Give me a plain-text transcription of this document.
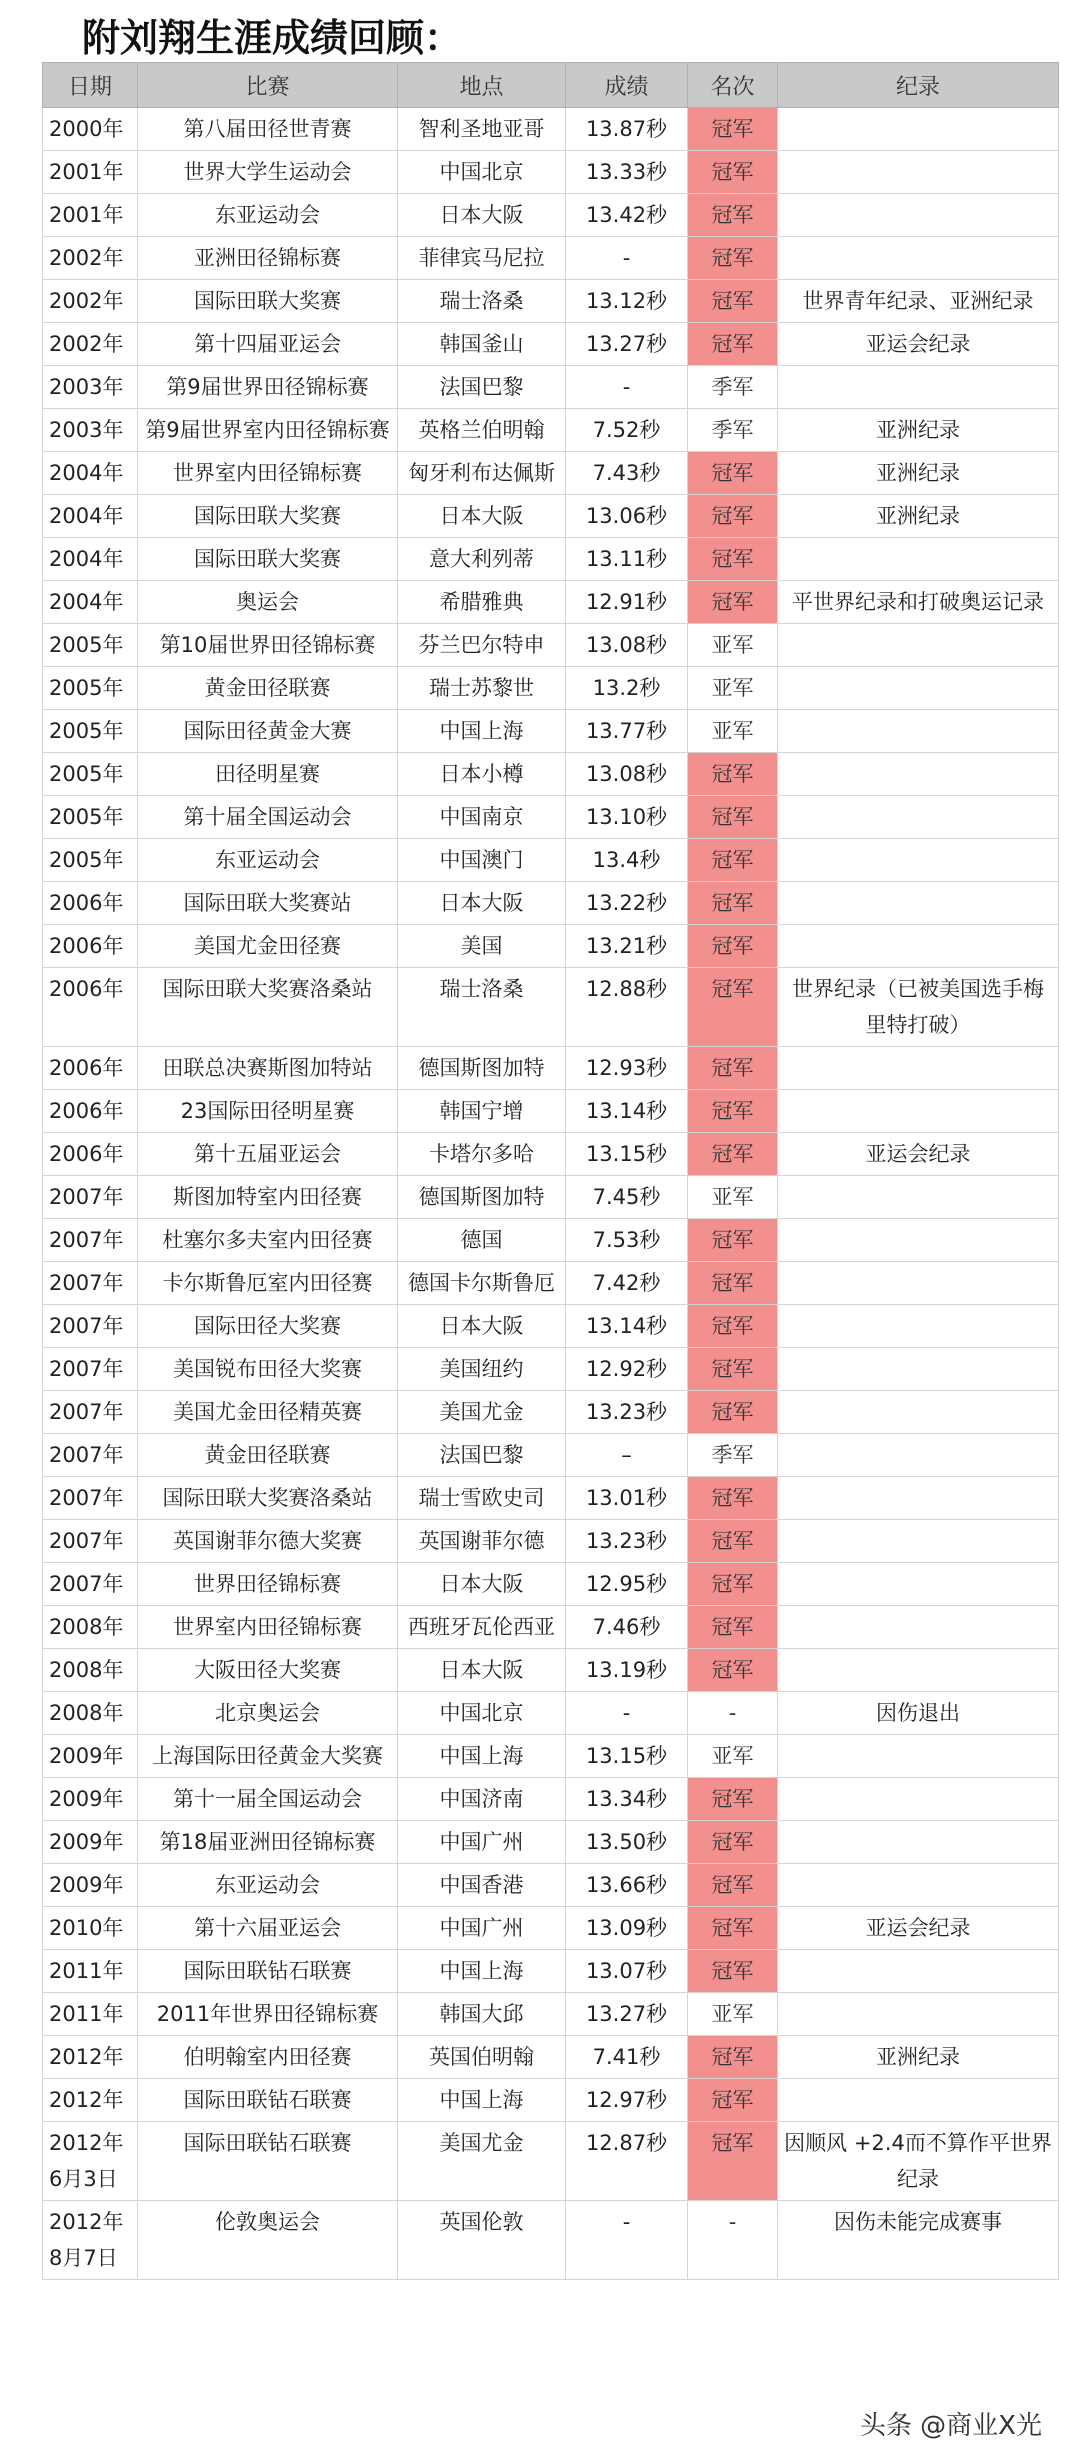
附刘翔生涯成绩回顾：
日期	比赛	地点	成绩	名次	纪录
2000年	第八届田径世青赛	智利圣地亚哥	13.87秒	冠军	
2001年	世界大学生运动会	中国北京	13.33秒	冠军	
2001年	东亚运动会	日本大阪	13.42秒	冠军	
2002年	亚洲田径锦标赛	菲律宾马尼拉	-	冠军	
2002年	国际田联大奖赛	瑞士洛桑	13.12秒	冠军	世界青年纪录、亚洲纪录
2002年	第十四届亚运会	韩国釜山	13.27秒	冠军	亚运会纪录
2003年	第9届世界田径锦标赛	法国巴黎	-	季军	
2003年	第9届世界室内田径锦标赛	英格兰伯明翰	7.52秒	季军	亚洲纪录
2004年	世界室内田径锦标赛	匈牙利布达佩斯	7.43秒	冠军	亚洲纪录
2004年	国际田联大奖赛	日本大阪	13.06秒	冠军	亚洲纪录
2004年	国际田联大奖赛	意大利列蒂	13.11秒	冠军	
2004年	奥运会	希腊雅典	12.91秒	冠军	平世界纪录和打破奥运记录
2005年	第10届世界田径锦标赛	芬兰巴尔特申	13.08秒	亚军	
2005年	黄金田径联赛	瑞士苏黎世	13.2秒	亚军	
2005年	国际田径黄金大赛	中国上海	13.77秒	亚军	
2005年	田径明星赛	日本小樽	13.08秒	冠军	
2005年	第十届全国运动会	中国南京	13.10秒	冠军	
2005年	东亚运动会	中国澳门	13.4秒	冠军	
2006年	国际田联大奖赛站	日本大阪	13.22秒	冠军	
2006年	美国尤金田径赛	美国	13.21秒	冠军	
2006年	国际田联大奖赛洛桑站	瑞士洛桑	12.88秒	冠军	世界纪录（已被美国选手梅里特打破）
2006年	田联总决赛斯图加特站	德国斯图加特	12.93秒	冠军	
2006年	23国际田径明星赛	韩国宁增	13.14秒	冠军	
2006年	第十五届亚运会	卡塔尔多哈	13.15秒	冠军	亚运会纪录
2007年	斯图加特室内田径赛	德国斯图加特	7.45秒	亚军	
2007年	杜塞尔多夫室内田径赛	德国	7.53秒	冠军	
2007年	卡尔斯鲁厄室内田径赛	德国卡尔斯鲁厄	7.42秒	冠军	
2007年	国际田径大奖赛	日本大阪	13.14秒	冠军	
2007年	美国锐布田径大奖赛	美国纽约	12.92秒	冠军	
2007年	美国尤金田径精英赛	美国尤金	13.23秒	冠军	
2007年	黄金田径联赛	法国巴黎	–	季军	
2007年	国际田联大奖赛洛桑站	瑞士雪欧史司	13.01秒	冠军	
2007年	英国谢菲尔德大奖赛	英国谢菲尔德	13.23秒	冠军	
2007年	世界田径锦标赛	日本大阪	12.95秒	冠军	
2008年	世界室内田径锦标赛	西班牙瓦伦西亚	7.46秒	冠军	
2008年	大阪田径大奖赛	日本大阪	13.19秒	冠军	
2008年	北京奥运会	中国北京	-	-	因伤退出
2009年	上海国际田径黄金大奖赛	中国上海	13.15秒	亚军	
2009年	第十一届全国运动会	中国济南	13.34秒	冠军	
2009年	第18届亚洲田径锦标赛	中国广州	13.50秒	冠军	
2009年	东亚运动会	中国香港	13.66秒	冠军	
2010年	第十六届亚运会	中国广州	13.09秒	冠军	亚运会纪录
2011年	国际田联钻石联赛	中国上海	13.07秒	冠军	
2011年	2011年世界田径锦标赛	韩国大邱	13.27秒	亚军	
2012年	伯明翰室内田径赛	英国伯明翰	7.41秒	冠军	亚洲纪录
2012年	国际田联钻石联赛	中国上海	12.97秒	冠军	
2012年6月3日	国际田联钻石联赛	美国尤金	12.87秒	冠军	因顺风 +2.4而不算作平世界纪录
2012年8月7日	伦敦奥运会	英国伦敦	-	-	因伤未能完成赛事
头条 @商业X光
